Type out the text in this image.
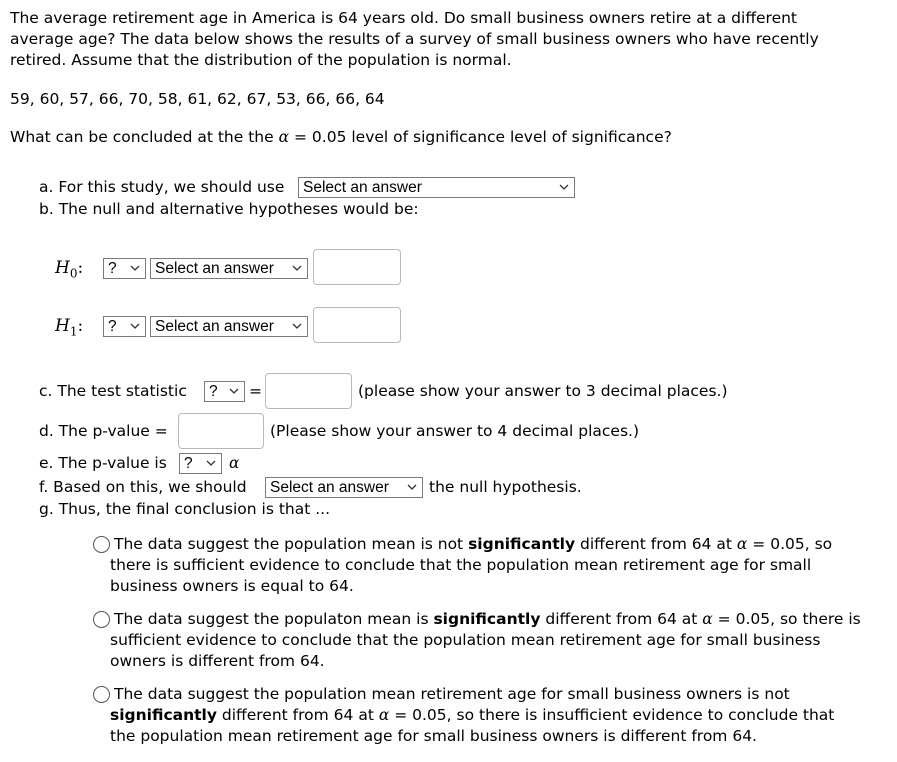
The average retirement age in America is 64 years old. Do small business owners retire at a different
average age? The data below shows the results of a survey of small business owners who have recently
retired. Assume that the distribution of the population is normal.
59, 60, 57, 66, 70, 58, 61, 62, 67, 53, 66, 66, 64
What can be concluded at the the α = 0.05 level of significance level of significance?
a. For this study, we should use	Select an answer
b. The null and alternative hypotheses would be:
$H_0$:	?	Select an answer
$H_1$:	?	Select an answer
c. The test statistic	?	=	(please show your answer to 3 decimal places.)
d. The p-value =	(Please show your answer to 4 decimal places.)
e. The p-value is	?	α
f. Based on this, we should	Select an answer	the null hypothesis.
g. Thus, the final conclusion is that ...
The data suggest the population mean is not significantly different from 64 at α = 0.05, so
there is sufficient evidence to conclude that the population mean retirement age for small
business owners is equal to 64.
The data suggest the populaton mean is significantly different from 64 at α = 0.05, so there is
sufficient evidence to conclude that the population mean retirement age for small business
owners is different from 64.
The data suggest the population mean retirement age for small business owners is not
significantly different from 64 at α = 0.05, so there is insufficient evidence to conclude that
the population mean retirement age for small business owners is different from 64.
